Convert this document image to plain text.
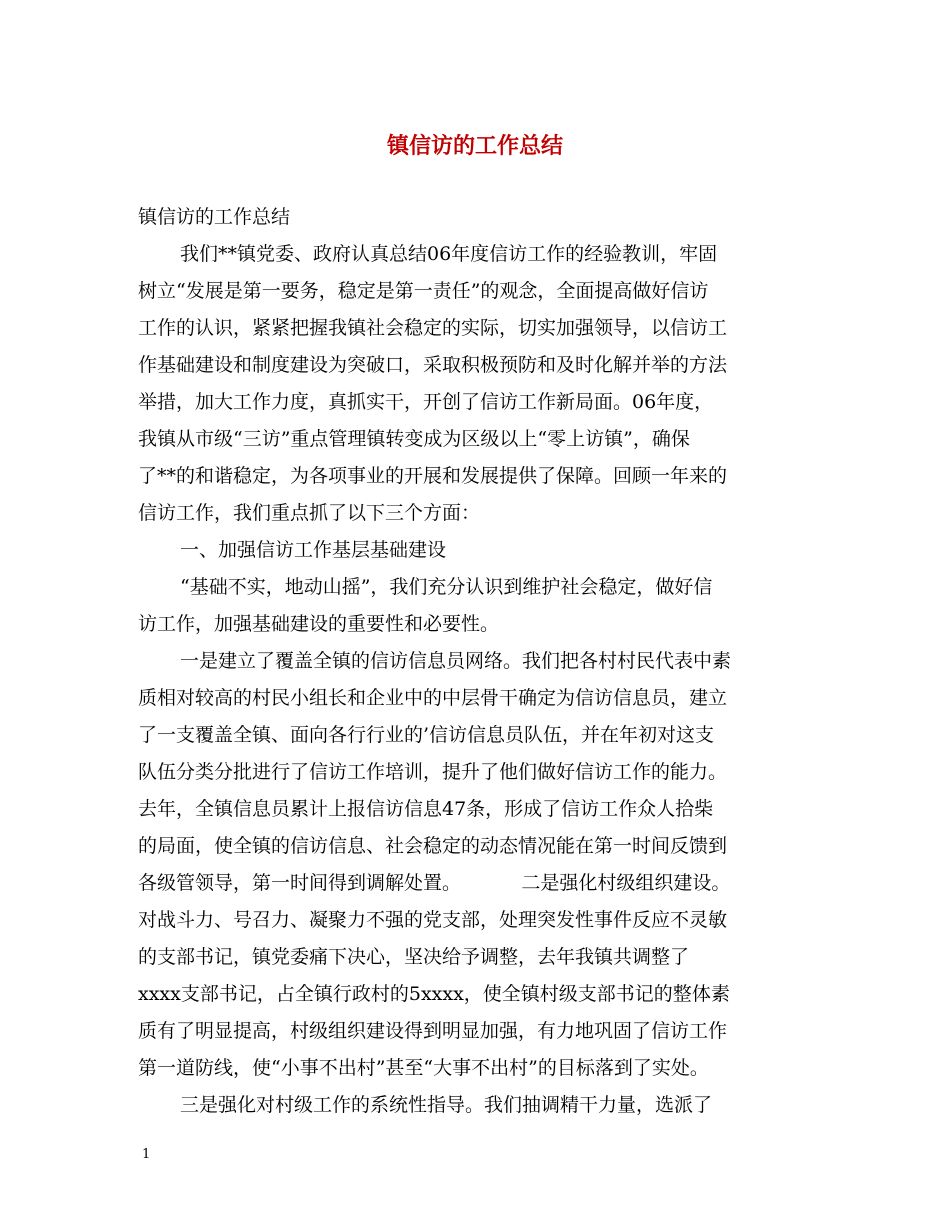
镇信访的工作总结
镇信访的工作总结
我们**镇党委、政府认真总结06年度信访工作的经验教训，牢固
树立“发展是第一要务，稳定是第一责任”的观念，全面提高做好信访
工作的认识，紧紧把握我镇社会稳定的实际，切实加强领导，以信访工
作基础建设和制度建设为突破口，采取积极预防和及时化解并举的方法
举措，加大工作力度，真抓实干，开创了信访工作新局面。06年度，
我镇从市级“三访”重点管理镇转变成为区级以上“零上访镇”，确保
了**的和谐稳定，为各项事业的开展和发展提供了保障。回顾一年来的
信访工作，我们重点抓了以下三个方面：
一、加强信访工作基层基础建设
“基础不实，地动山摇”，我们充分认识到维护社会稳定，做好信
访工作，加强基础建设的重要性和必要性。
一是建立了覆盖全镇的信访信息员网络。我们把各村村民代表中素
质相对较高的村民小组长和企业中的中层骨干确定为信访信息员，建立
了一支覆盖全镇、面向各行行业的’信访信息员队伍，并在年初对这支
队伍分类分批进行了信访工作培训，提升了他们做好信访工作的能力。
去年，全镇信息员累计上报信访信息47条，形成了信访工作众人拾柴
的局面，使全镇的信访信息、社会稳定的动态情况能在第一时间反馈到
各级管领导，第一时间得到调解处置。          二是强化村级组织建设。
对战斗力、号召力、凝聚力不强的党支部，处理突发性事件反应不灵敏
的支部书记，镇党委痛下决心，坚决给予调整，去年我镇共调整了
xxxx支部书记，占全镇行政村的5xxxx，使全镇村级支部书记的整体素
质有了明显提高，村级组织建设得到明显加强，有力地巩固了信访工作
第一道防线，使“小事不出村”甚至“大事不出村”的目标落到了实处。
三是强化对村级工作的系统性指导。我们抽调精干力量，选派了
1
